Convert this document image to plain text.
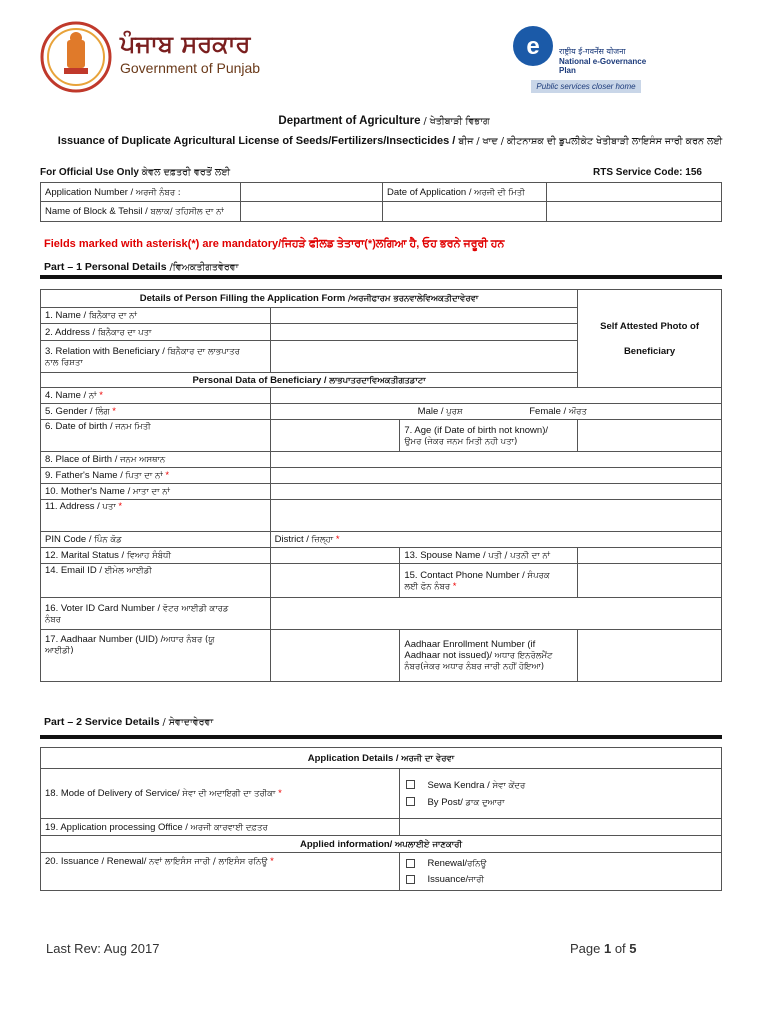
ਪੰਜਾਬ ਸਰਕਾਰ
Government of Punjab
e राष्ट्रीय ई-गवर्नेंस योजना
National e-Governance Plan
Public services closer home
Department of Agriculture / ਖੇਤੀਬਾੜੀ ਵਿਭਾਗ
Issuance of Duplicate Agricultural License of Seeds/Fertilizers/Insecticides / ਬੀਜ / ਖਾਦ / ਕੀਟਨਾਸ਼ਕ ਦੀ ਡੁਪਲੀਕੇਟ ਖੇਤੀਬਾੜੀ ਲਾਇਸੰਸ ਜਾਰੀ ਕਰਨ ਲਈ
For Official Use Only ਕੇਵਲ ਦਫ਼ਤਰੀ ਵਰਤੋਂ ਲਈ	RTS Service Code: 156
Application Number / ਅਰਜੀ ਨੰਬਰ :		Date of Application / ਅਰਜੀ ਦੀ ਮਿਤੀ	
Name of Block & Tehsil / ਬਲਾਕ/ ਤਹਿਸੀਲ ਦਾ ਨਾਂ			
Fields marked with asterisk(*) are mandatory/ਜਿਹੜੇ ਫੀਲਡ ਤੇਤਾਰਾ(*)ਲਗਿਆ ਹੈ, ਓਹ ਭਰਨੇ ਜਰੂਰੀ ਹਨ
Part – 1 Personal Details /ਵਿਅਕਤੀਗਤਵੇਰਵਾ
Details of Person Filling the Application Form /ਅਰਜੀਫਾਰਮ ਭਰਨਵਾਲੇਵਿਅਕਤੀਦਾਵੇਰਵਾ			Self Attested Photo of
Beneficiary

1. Name / ਬਿਨੈਕਾਰ ਦਾ ਨਾਂ			
2. Address / ਬਿਨੈਕਾਰ ਦਾ ਪਤਾ			
3. Relation with Beneficiary / ਬਿਨੈਕਾਰ ਦਾ ਲਾਭਪਾਤਰ
ਨਾਲ ਰਿਸ਼ਤਾ			
Personal Data of Beneficiary / ਲਾਭਪਾਤਰਦਾਵਿਅਕਤੀਗਤਡਾਟਾ			
4. Name / ਨਾਂ *			
5. Gender / ਲਿੰਗ *	Male / ਪੁਰਸ਼ Female / ਔਰਤ		
6. Date of birth / ਜਨਮ ਮਿਤੀ		7. Age (if Date of birth not known)/
ਉਮਰ (ਜੇਕਰ ਜਨਮ ਮਿਤੀ ਨਹੀ ਪਤਾ)	
8. Place of Birth / ਜਨਮ ਅਸਥਾਨ			
9. Father's Name / ਪਿਤਾ ਦਾ ਨਾਂ *			
10. Mother's Name / ਮਾਤਾ ਦਾ ਨਾਂ			
11. Address / ਪਤਾ *			
PIN Code / ਪਿੰਨ ਕੋਡ	District / ਜ਼ਿਲ੍ਹਾ *		
12. Marital Status / ਵਿਆਹ ਸੰਬੰਧੀ		13. Spouse Name / ਪਤੀ / ਪਤਨੀ ਦਾ ਨਾਂ	
14. Email ID / ਈਮੇਲ ਆਈਡੀ		15. Contact Phone Number / ਸੰਪਰਕ
ਲਈ ਫੋਨ ਨੰਬਰ *	
16. Voter ID Card Number / ਵੋਟਰ ਆਈਡੀ ਕਾਰਡ
ਨੰਬਰ			
17. Aadhaar Number (UID) /ਅਧਾਰ ਨੰਬਰ (ਯੂ
ਆਈਡੀ)		Aadhaar Enrollment Number (if
Aadhaar not issued)/ ਅਧਾਰ ਇਨਰੋਲਮੈਂਟ
ਨੰਬਰ(ਜੇਕਰ ਅਧਾਰ ਨੰਬਰ ਜਾਰੀ ਨਹੀਂ ਹੋਇਆ)	
Part – 2 Service Details / ਸੇਵਾਦਾਵੇਰਵਾ
Application Details / ਅਰਜੀ ਦਾ ਵੇਰਵਾ	
18. Mode of Delivery of Service/ ਸੇਵਾ ਦੀ ਅਦਾਇਗੀ ਦਾ ਤਰੀਕਾ *	Sewa Kendra / ਸੇਵਾ ਕੇਂਦਰ
By Post/ ਡਾਕ ਦੁਆਰਾ

19. Application processing Office / ਅਰਜੀ ਕਾਰਵਾਈ ਦਫ਼ਤਰ	
Applied information/ ਅਪਲਾਈਏ ਜਾਣਕਾਰੀ	
20. Issuance / Renewal/ ਨਵਾਂ ਲਾਇਸੰਸ ਜਾਰੀ / ਲਾਇਸੰਸ ਰਨਿਊ *	Renewal/ਰਨਿਊ
Issuance/ਜਾਰੀ
Last Rev: Aug 2017	Page 1 of 5
